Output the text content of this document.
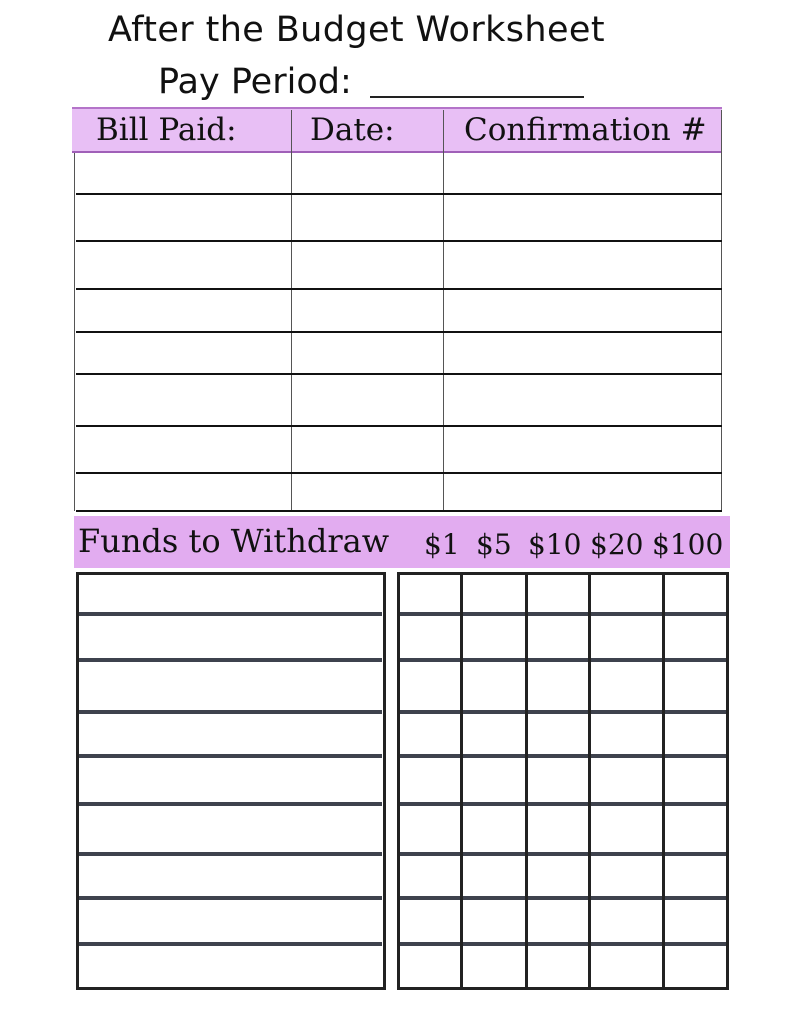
After the Budget Worksheet
Pay Period:
Bill Paid: Date: Confirmation #
Funds to Withdraw $1 $5 $10 $20 $100
